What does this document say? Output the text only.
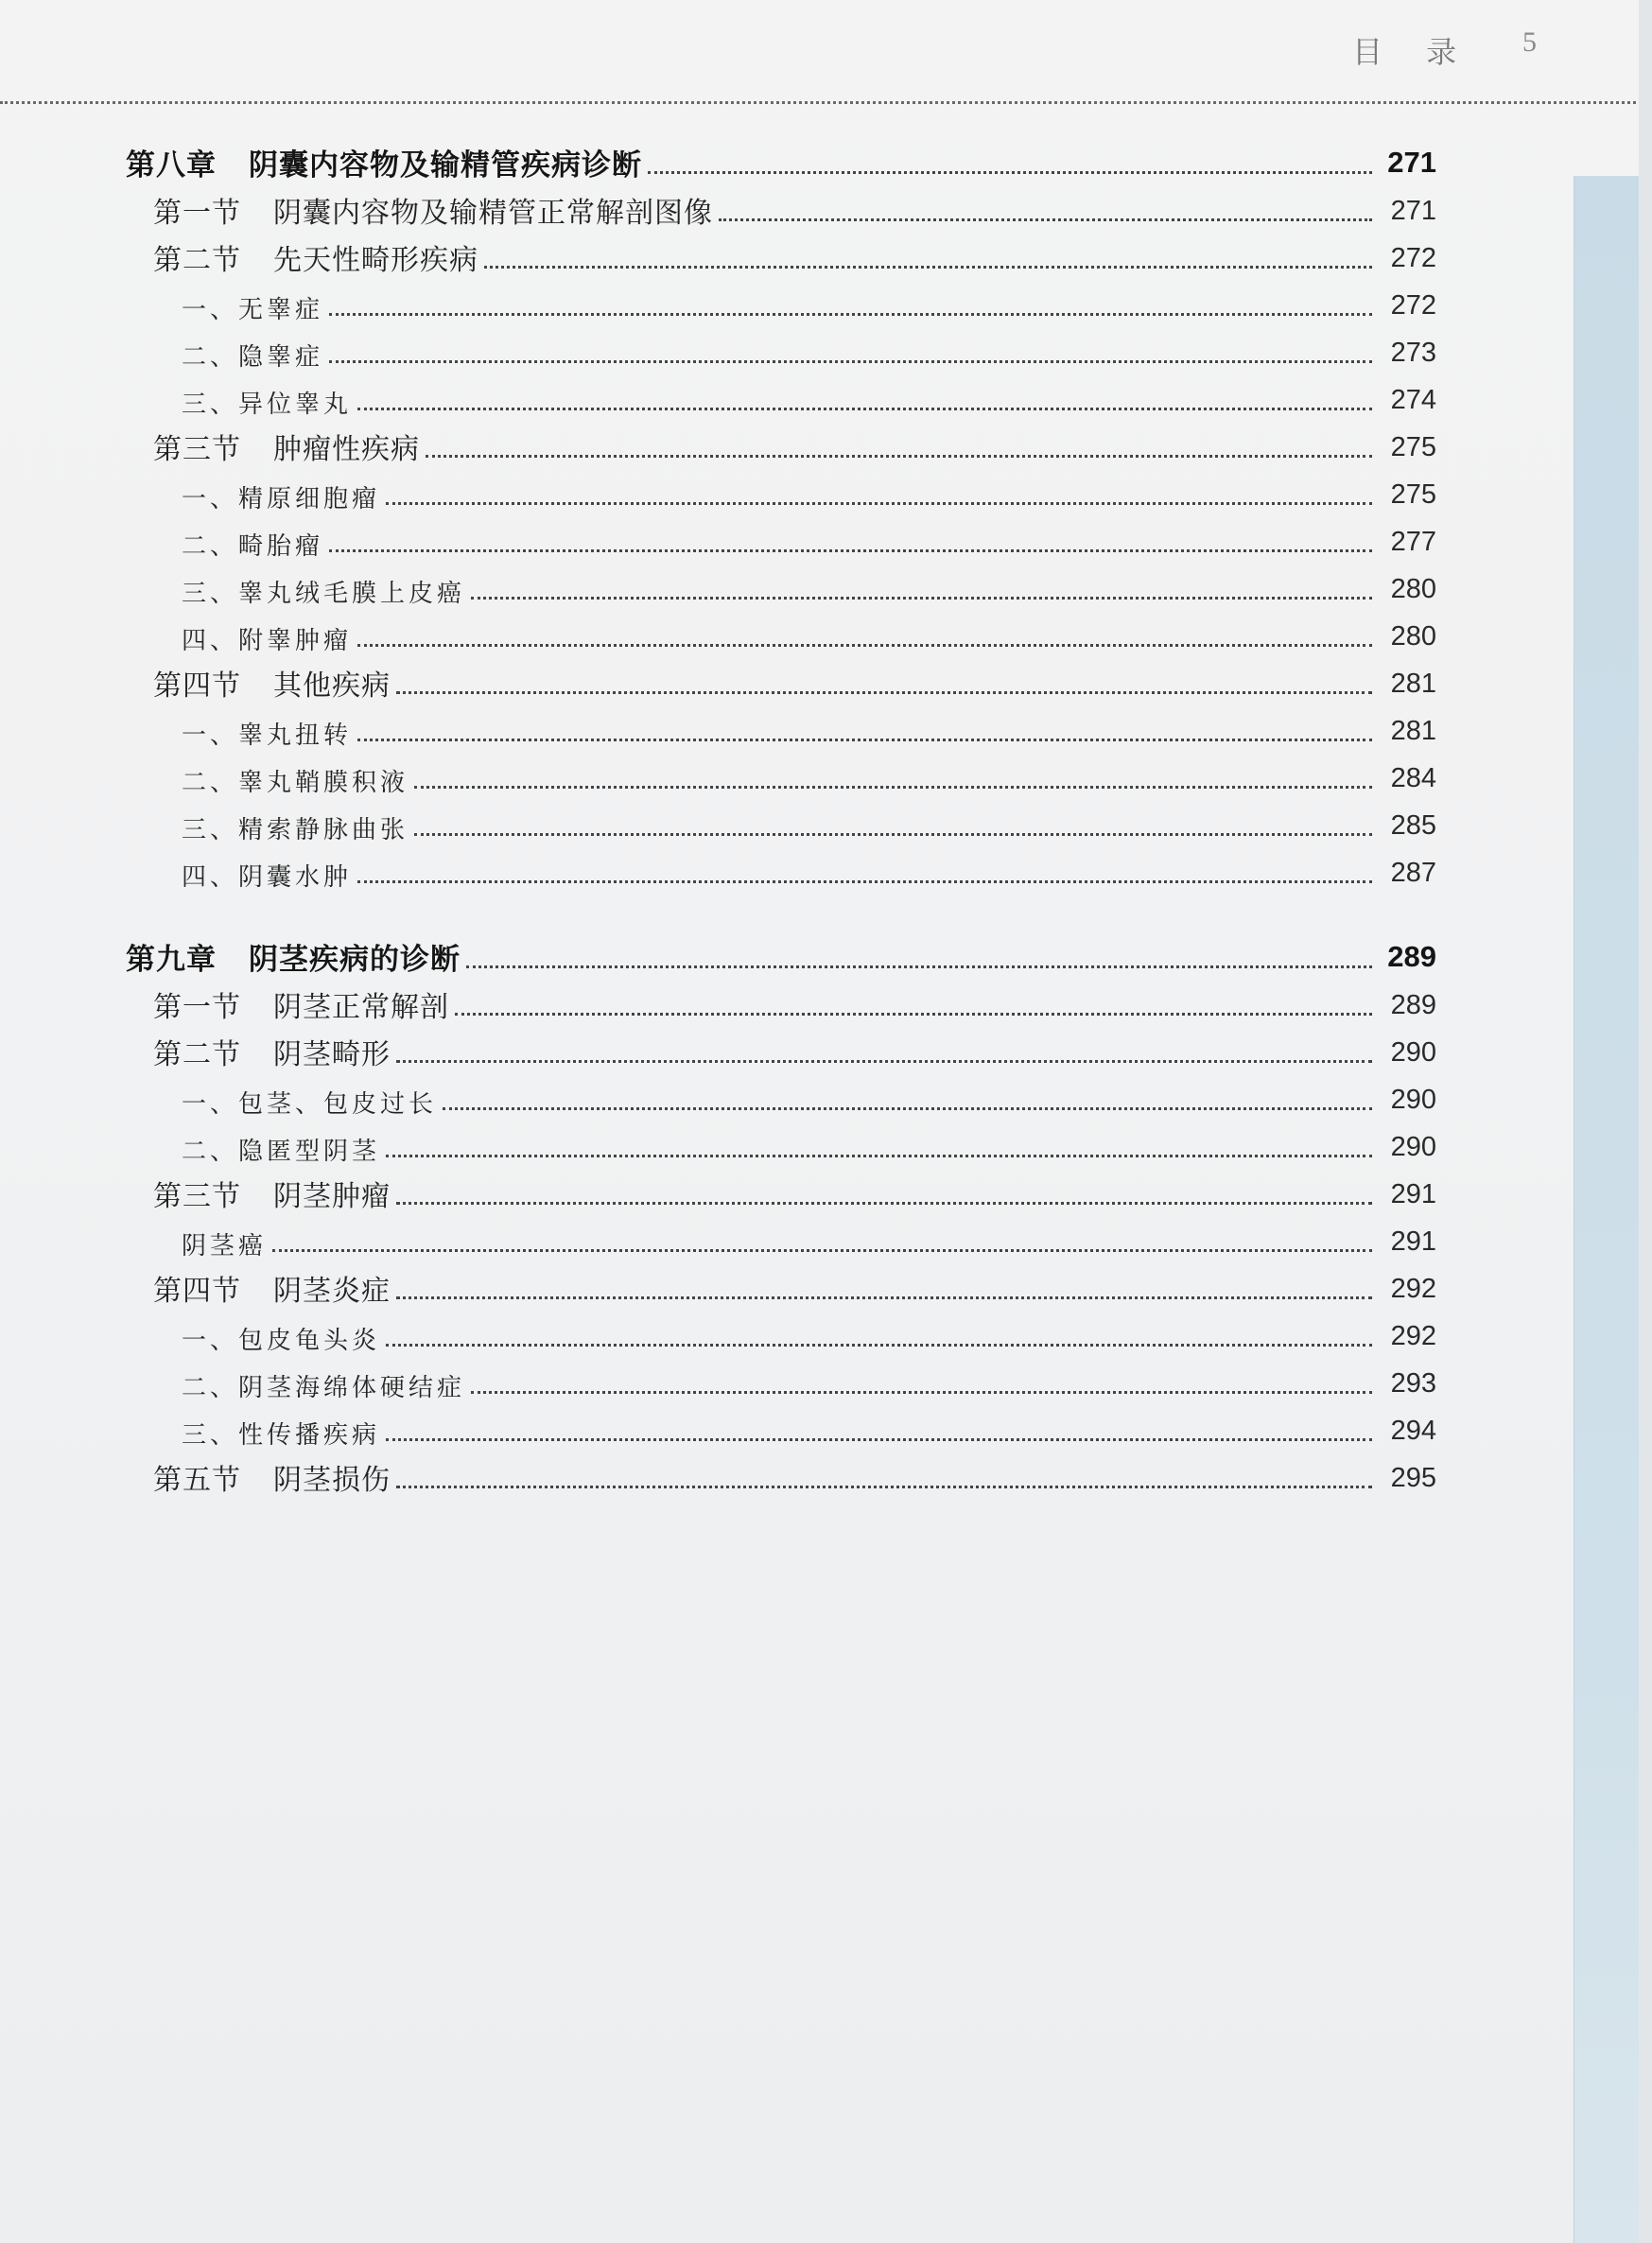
目 录 5
第八章 阴囊内容物及输精管疾病诊断	271
第一节 阴囊内容物及输精管正常解剖图像	271
第二节 先天性畸形疾病	272
一、无睾症	272
二、隐睾症	273
三、异位睾丸	274
第三节 肿瘤性疾病	275
一、精原细胞瘤	275
二、畸胎瘤	277
三、睾丸绒毛膜上皮癌	280
四、附睾肿瘤	280
第四节 其他疾病	281
一、睾丸扭转	281
二、睾丸鞘膜积液	284
三、精索静脉曲张	285
四、阴囊水肿	287
第九章 阴茎疾病的诊断	289
第一节 阴茎正常解剖	289
第二节 阴茎畸形	290
一、包茎、包皮过长	290
二、隐匿型阴茎	290
第三节 阴茎肿瘤	291
阴茎癌	291
第四节 阴茎炎症	292
一、包皮龟头炎	292
二、阴茎海绵体硬结症	293
三、性传播疾病	294
第五节 阴茎损伤	295
